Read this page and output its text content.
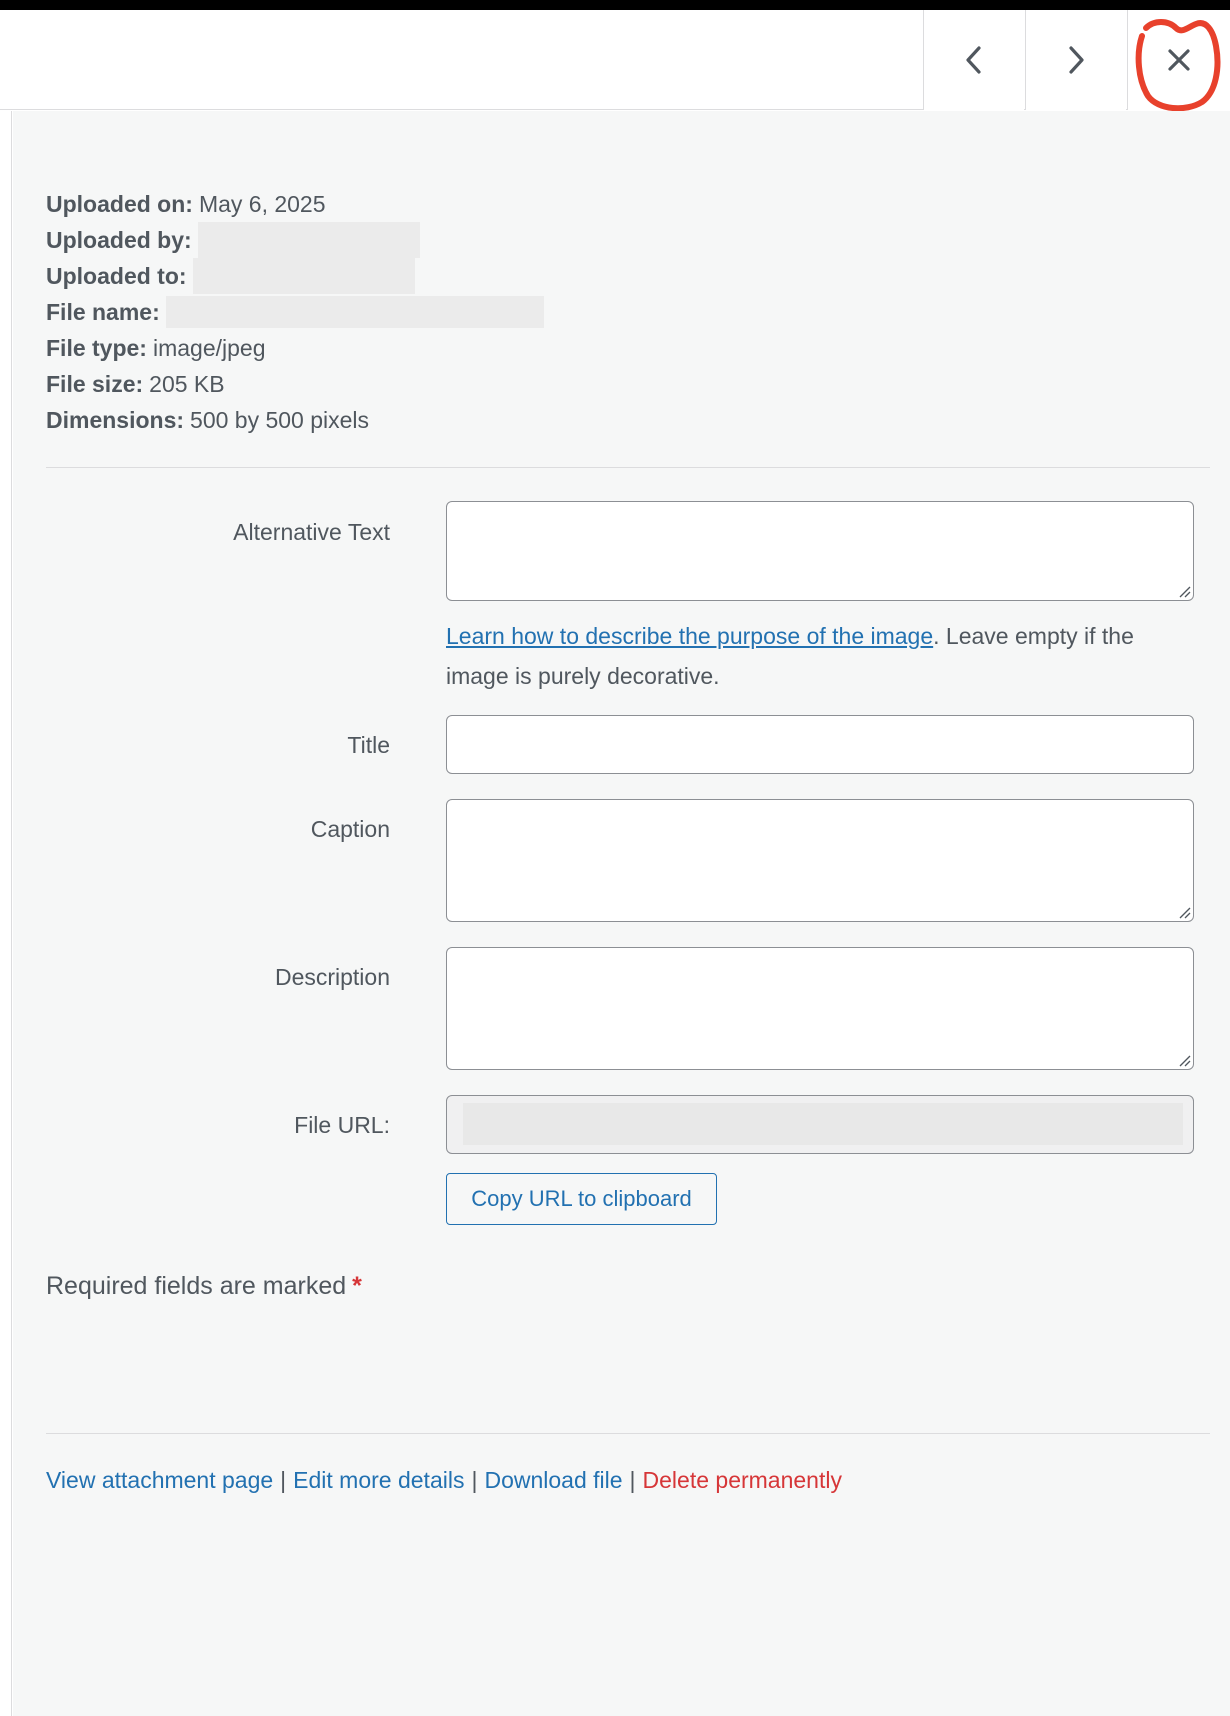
Uploaded on: May 6, 2025
Uploaded by:
Uploaded to:
File name:
File type: image/jpeg
File size: 205 KB
Dimensions: 500 by 500 pixels
Alternative Text
Learn how to describe the purpose of the image. Leave empty if the image is purely decorative.
Title
Caption
Description
File URL:
Copy URL to clipboard
Required fields are marked *
View attachment page | Edit more details | Download file | Delete permanently
